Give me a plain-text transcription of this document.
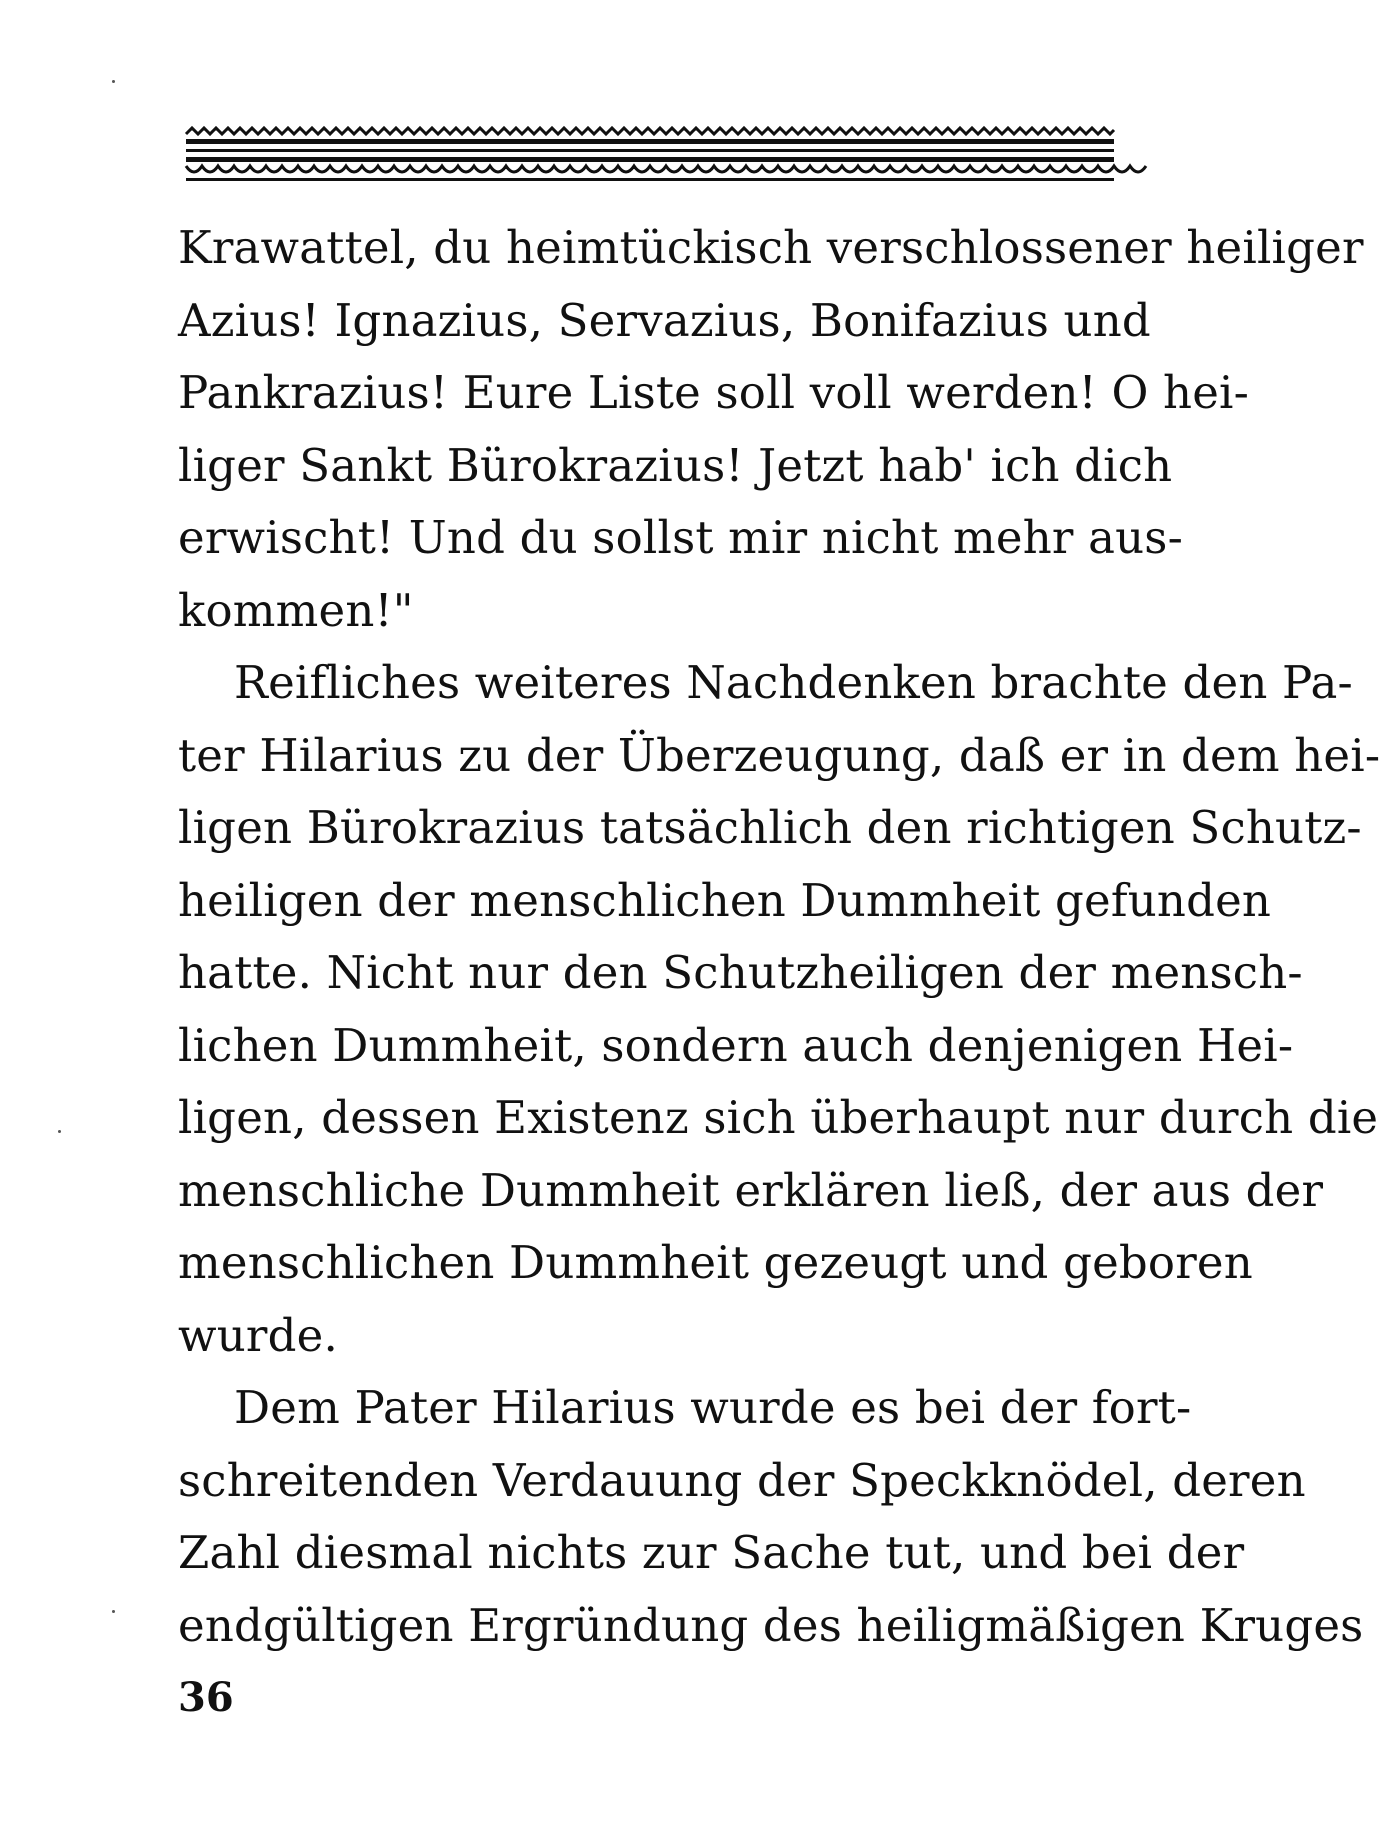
Krawattel, du heimtückisch verschlossener heiliger
Azius! Ignazius, Servazius, Bonifazius und
Pankrazius! Eure Liste soll voll werden! O hei-
liger Sankt Bürokrazius! Jetzt hab' ich dich
erwischt! Und du sollst mir nicht mehr aus-
kommen!"
Reifliches weiteres Nachdenken brachte den Pa-
ter Hilarius zu der Überzeugung, daß er in dem hei-
ligen Bürokrazius tatsächlich den richtigen Schutz-
heiligen der menschlichen Dummheit gefunden
hatte. Nicht nur den Schutzheiligen der mensch-
lichen Dummheit, sondern auch denjenigen Hei-
ligen, dessen Existenz sich überhaupt nur durch die
menschliche Dummheit erklären ließ, der aus der
menschlichen Dummheit gezeugt und geboren
wurde.
Dem Pater Hilarius wurde es bei der fort-
schreitenden Verdauung der Speckknödel, deren
Zahl diesmal nichts zur Sache tut, und bei der
endgültigen Ergründung des heiligmäßigen Kruges
36
